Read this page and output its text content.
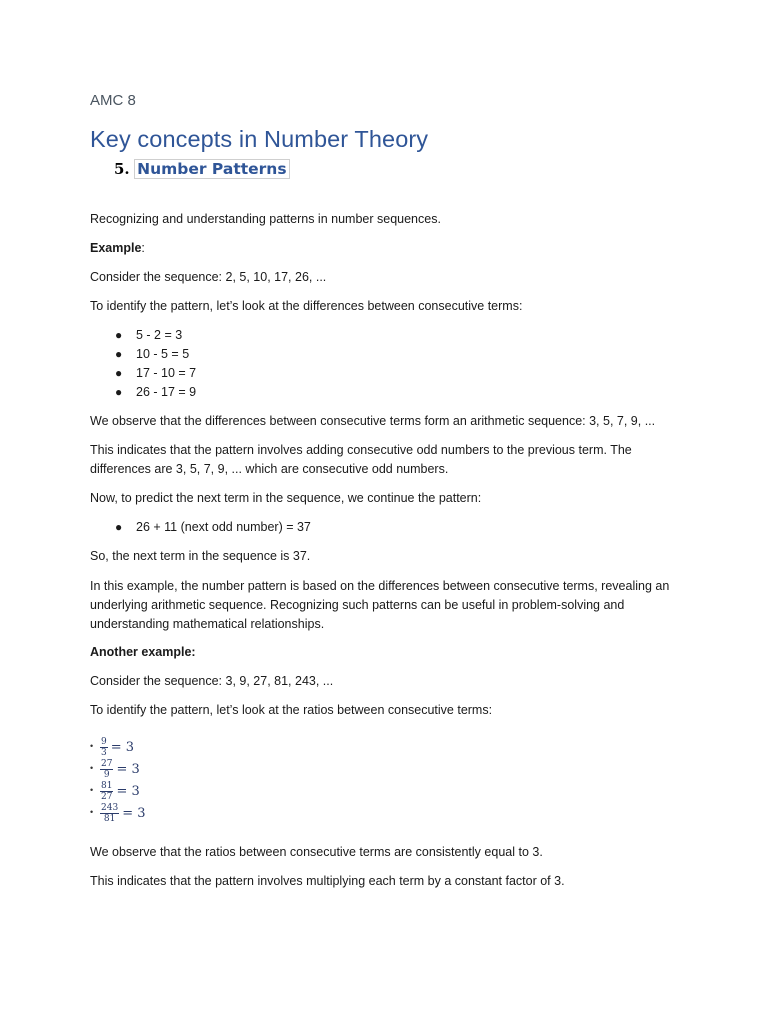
AMC 8
Key concepts in Number Theory
5. Number Patterns
Recognizing and understanding patterns in number sequences.
Example:
Consider the sequence: 2, 5, 10, 17, 26, ...
To identify the pattern, let’s look at the differences between consecutive terms:
● 5 - 2 = 3
● 10 - 5 = 5
● 17 - 10 = 7
● 26 - 17 = 9
We observe that the differences between consecutive terms form an arithmetic sequence: 3, 5, 7, 9, ...
This indicates that the pattern involves adding consecutive odd numbers to the previous term. The differences are 3, 5, 7, 9, ... which are consecutive odd numbers.
Now, to predict the next term in the sequence, we continue the pattern:
● 26 + 11 (next odd number) = 37
So, the next term in the sequence is 37.
In this example, the number pattern is based on the differences between consecutive terms, revealing an underlying arithmetic sequence. Recognizing such patterns can be useful in problem-solving and understanding mathematical relationships.
Another example:
Consider the sequence: 3, 9, 27, 81, 243, ...
To identify the pattern, let’s look at the ratios between consecutive terms:
• $\frac{9}{3} = 3$
• $\frac{27}{9} = 3$
• $\frac{81}{27} = 3$
• $\frac{243}{81} = 3$
We observe that the ratios between consecutive terms are consistently equal to 3.
This indicates that the pattern involves multiplying each term by a constant factor of 3.
